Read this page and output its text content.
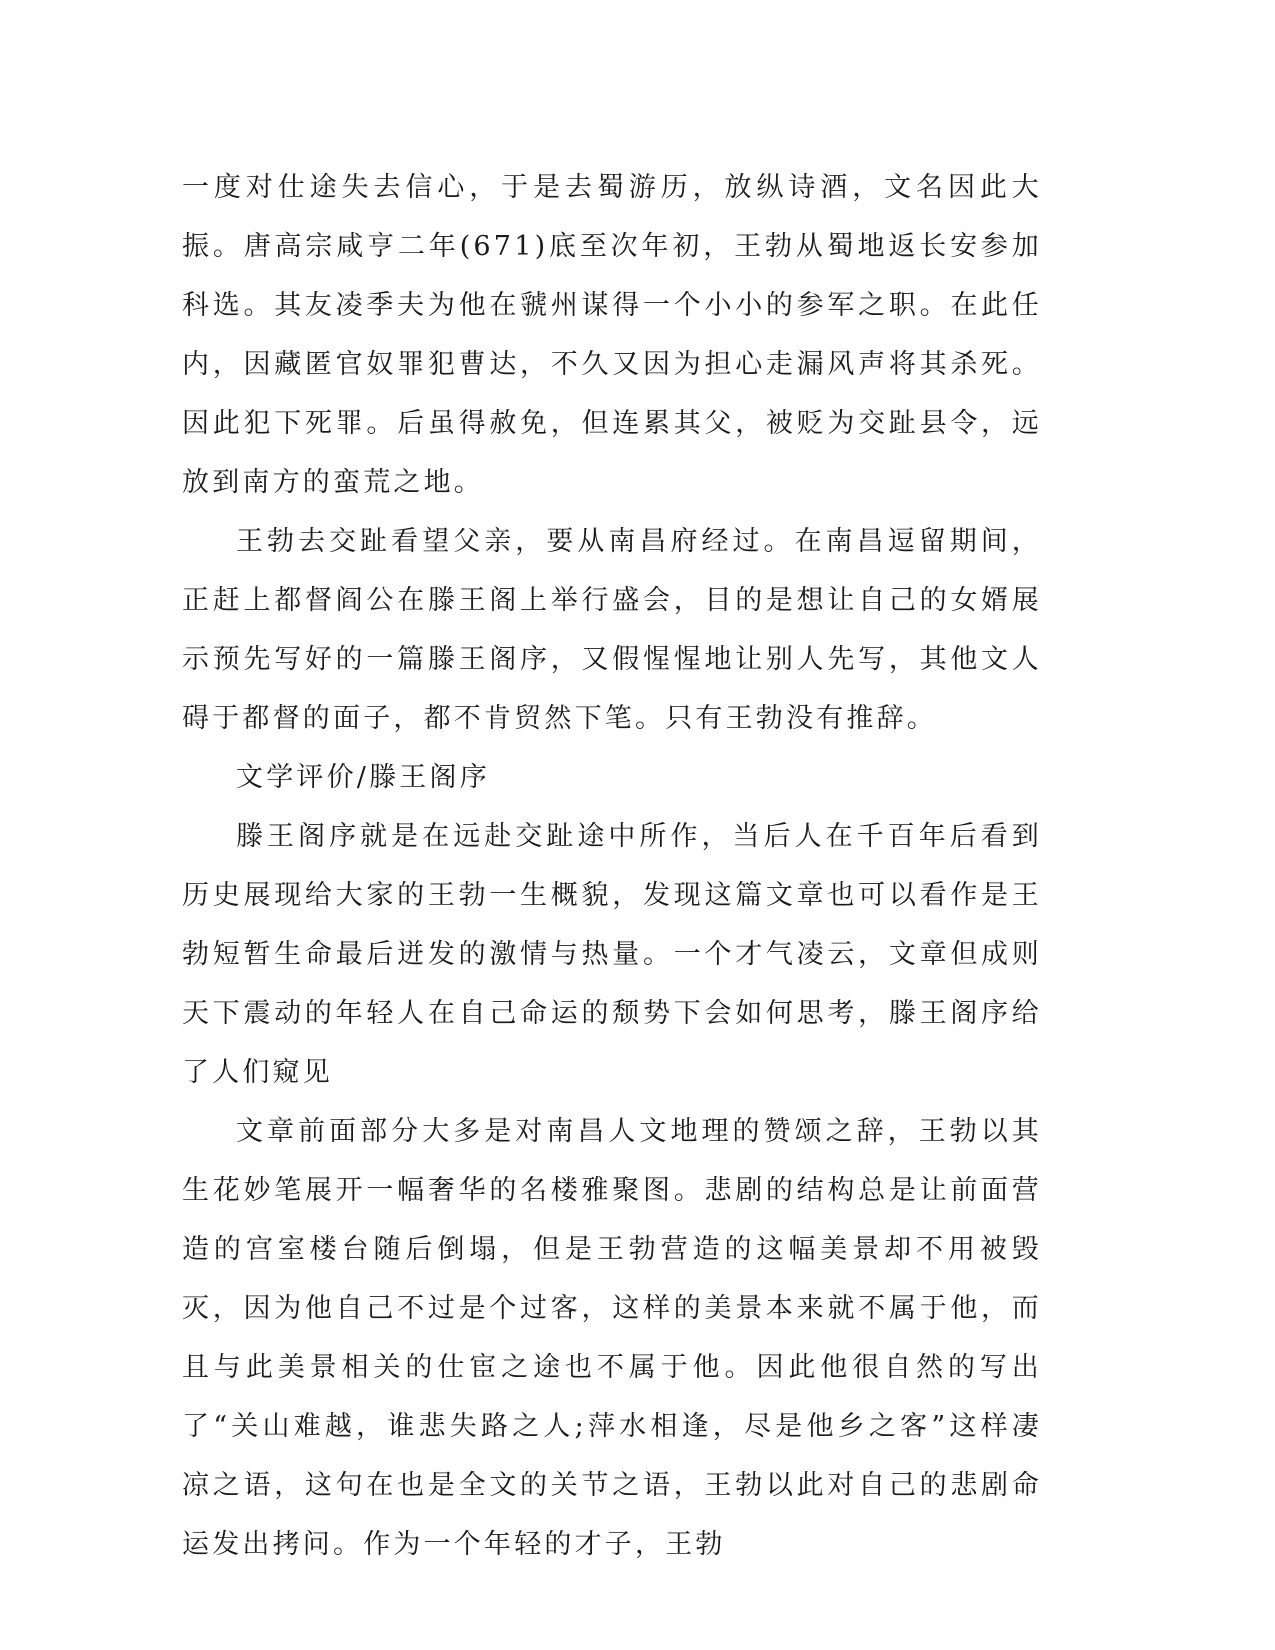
一度对仕途失去信心，于是去蜀游历，放纵诗酒，文名因此大振。唐高宗咸亨二年(671)底至次年初，王勃从蜀地返长安参加科选。其友凌季夫为他在虢州谋得一个小小的参军之职。在此任内，因藏匿官奴罪犯曹达，不久又因为担心走漏风声将其杀死。因此犯下死罪。后虽得赦免，但连累其父，被贬为交趾县令，远放到南方的蛮荒之地。

王勃去交趾看望父亲，要从南昌府经过。在南昌逗留期间，正赶上都督阎公在滕王阁上举行盛会，目的是想让自己的女婿展示预先写好的一篇滕王阁序，又假惺惺地让别人先写，其他文人碍于都督的面子，都不肯贸然下笔。只有王勃没有推辞。

文学评价/滕王阁序

滕王阁序就是在远赴交趾途中所作，当后人在千百年后看到历史展现给大家的王勃一生概貌，发现这篇文章也可以看作是王勃短暂生命最后迸发的激情与热量。一个才气凌云，文章但成则天下震动的年轻人在自己命运的颓势下会如何思考，滕王阁序给了人们窥见

文章前面部分大多是对南昌人文地理的赞颂之辞，王勃以其生花妙笔展开一幅奢华的名楼雅聚图。悲剧的结构总是让前面营造的宫室楼台随后倒塌，但是王勃营造的这幅美景却不用被毁灭，因为他自己不过是个过客，这样的美景本来就不属于他，而且与此美景相关的仕宦之途也不属于他。因此他很自然的写出了“关山难越，谁悲失路之人;萍水相逢，尽是他乡之客”这样凄凉之语，这句在也是全文的关节之语，王勃以此对自己的悲剧命运发出拷问。作为一个年轻的才子，王勃
